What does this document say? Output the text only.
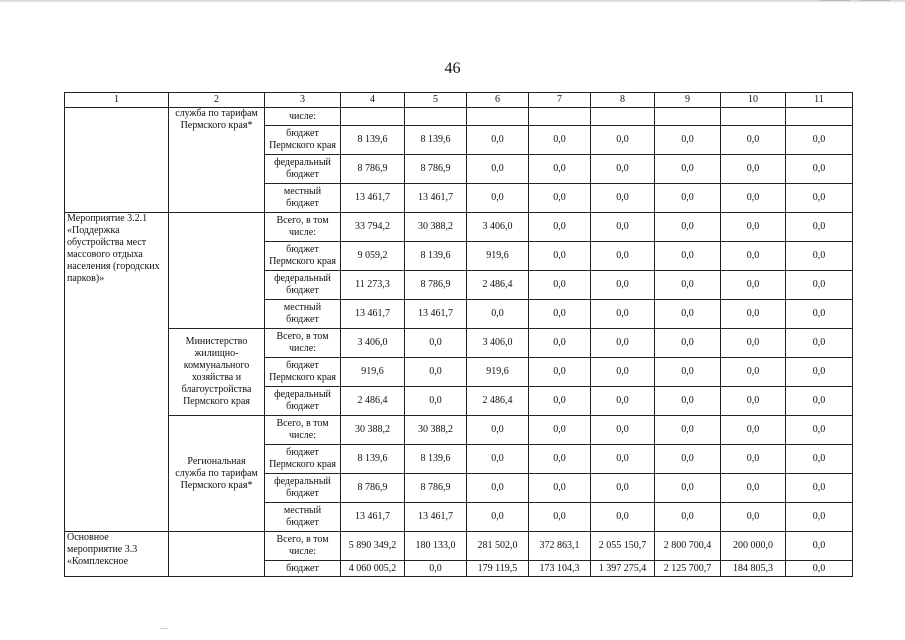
46
1	2	3	4	5	6	7	8	9	10	11
	служба по тарифам Пермского края*	числе:								
		бюджет Пермского края	8 139,6	8 139,6	0,0	0,0	0,0	0,0	0,0	0,0
		федеральный бюджет	8 786,9	8 786,9	0,0	0,0	0,0	0,0	0,0	0,0
		местный бюджет	13 461,7	13 461,7	0,0	0,0	0,0	0,0	0,0	0,0
Мероприятие 3.2.1 «Поддержка обустройства мест массового отдыха населения (городских парков)»		Всего, в том числе:	33 794,2	30 388,2	3 406,0	0,0	0,0	0,0	0,0	0,0
		бюджет Пермского края	9 059,2	8 139,6	919,6	0,0	0,0	0,0	0,0	0,0
		федеральный бюджет	11 273,3	8 786,9	2 486,4	0,0	0,0	0,0	0,0	0,0
		местный бюджет	13 461,7	13 461,7	0,0	0,0	0,0	0,0	0,0	0,0
	Министерство жилищно-коммунального хозяйства и благоустройства Пермского края	Всего, в том числе:	3 406,0	0,0	3 406,0	0,0	0,0	0,0	0,0	0,0
		бюджет Пермского края	919,6	0,0	919,6	0,0	0,0	0,0	0,0	0,0
		федеральный бюджет	2 486,4	0,0	2 486,4	0,0	0,0	0,0	0,0	0,0
	Региональная служба по тарифам Пермского края*	Всего, в том числе:	30 388,2	30 388,2	0,0	0,0	0,0	0,0	0,0	0,0
		бюджет Пермского края	8 139,6	8 139,6	0,0	0,0	0,0	0,0	0,0	0,0
		федеральный бюджет	8 786,9	8 786,9	0,0	0,0	0,0	0,0	0,0	0,0
		местный бюджет	13 461,7	13 461,7	0,0	0,0	0,0	0,0	0,0	0,0
Основное мероприятие 3.3 «Комплексное		Всего, в том числе:	5 890 349,2	180 133,0	281 502,0	372 863,1	2 055 150,7	2 800 700,4	200 000,0	0,0
		бюджет	4 060 005,2	0,0	179 119,5	173 104,3	1 397 275,4	2 125 700,7	184 805,3	0,0
